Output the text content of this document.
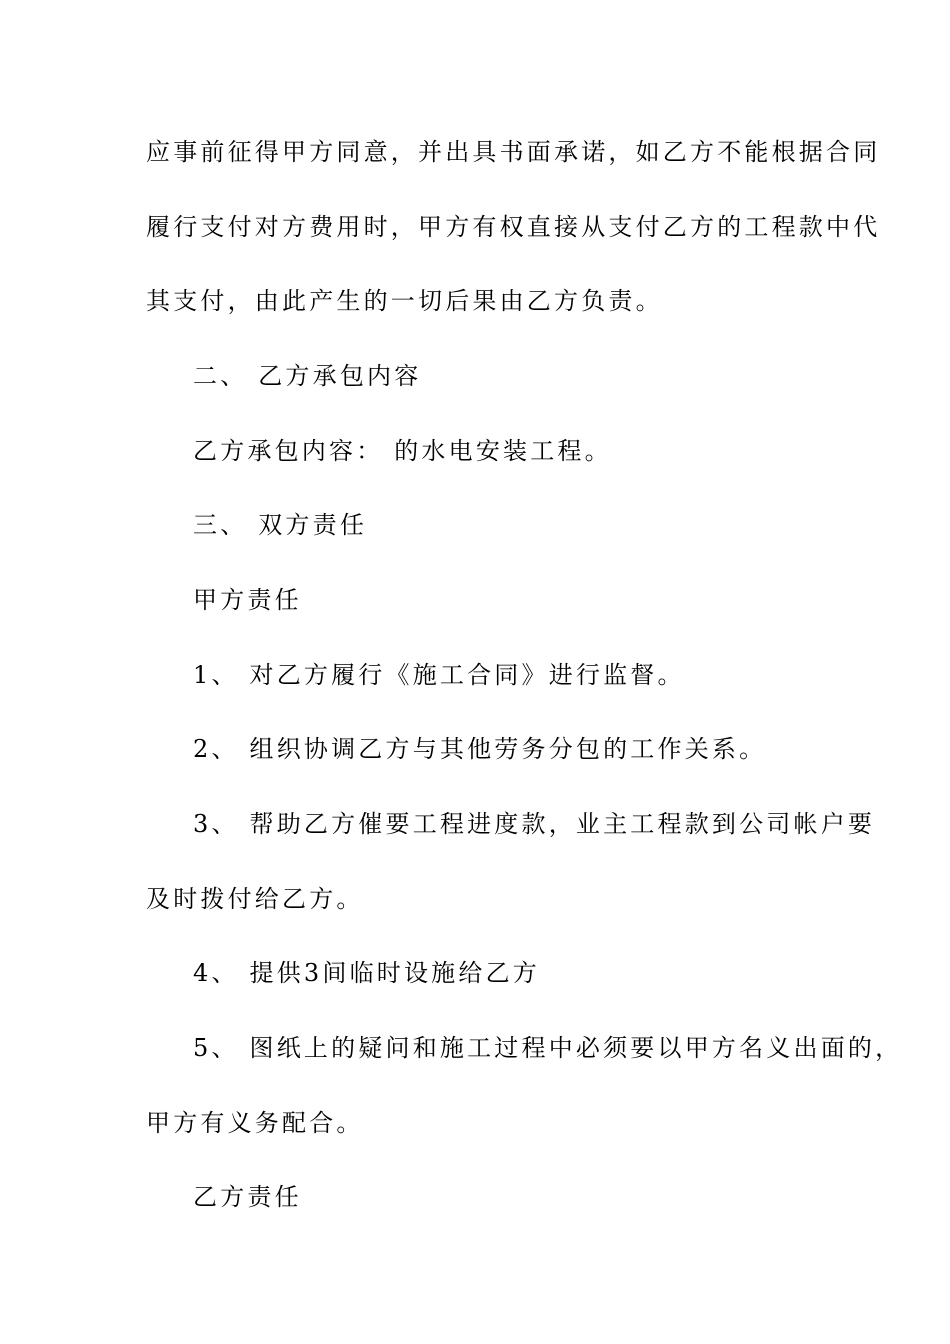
应事前征得甲方同意，并出具书面承诺，如乙方不能根据合同
履行支付对方费用时，甲方有权直接从支付乙方的工程款中代
其支付，由此产生的一切后果由乙方负责。
二、 乙方承包内容
乙方承包内容： 的水电安装工程。
三、 双方责任
甲方责任
1、 对乙方履行《施工合同》进行监督。
2、 组织协调乙方与其他劳务分包的工作关系。
3、 帮助乙方催要工程进度款，业主工程款到公司帐户要
及时拨付给乙方。
4、 提供3间临时设施给乙方
5、 图纸上的疑问和施工过程中必须要以甲方名义出面的，
甲方有义务配合。
乙方责任
